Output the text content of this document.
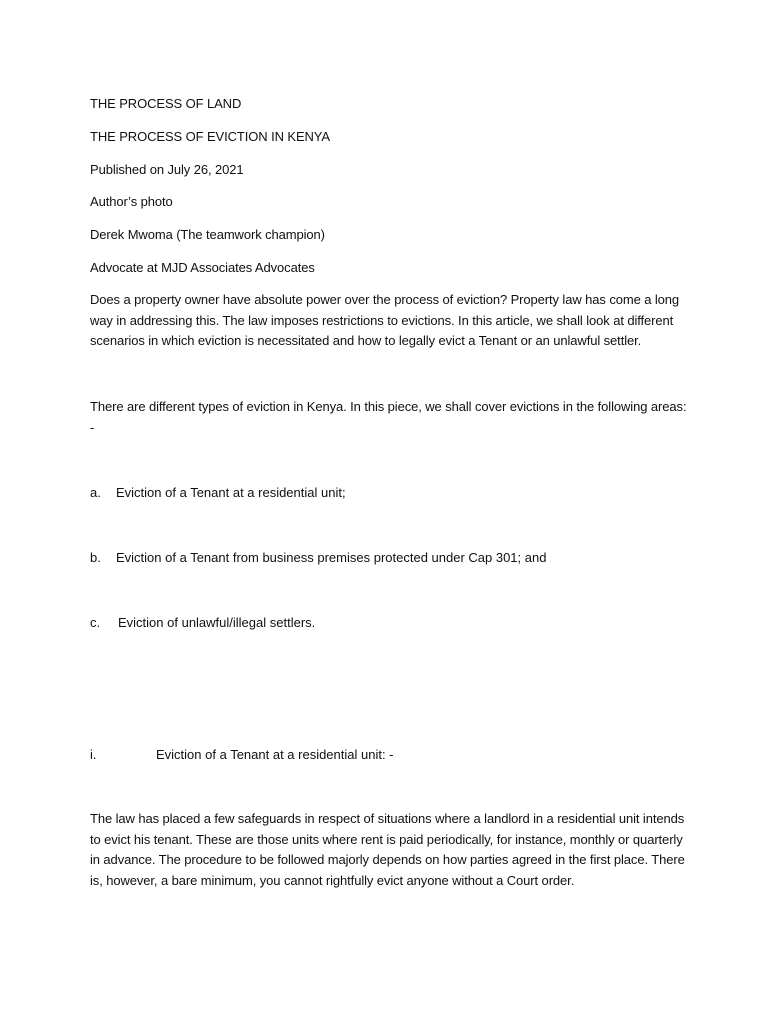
THE PROCESS OF LAND
THE PROCESS OF EVICTION IN KENYA
Published on July 26, 2021
Author’s photo
Derek Mwoma (The teamwork champion)
Advocate at MJD Associates Advocates
Does a property owner have absolute power over the process of eviction? Property law has come a long way in addressing this. The law imposes restrictions to evictions. In this article, we shall look at different scenarios in which eviction is necessitated and how to legally evict a Tenant or an unlawful settler.
There are different types of eviction in Kenya. In this piece, we shall cover evictions in the following areas: -
a. Eviction of a Tenant at a residential unit;
b. Eviction of a Tenant from business premises protected under Cap 301; and
c. Eviction of unlawful/illegal settlers.
i.	Eviction of a Tenant at a residential unit: -
The law has placed a few safeguards in respect of situations where a landlord in a residential unit intends to evict his tenant. These are those units where rent is paid periodically, for instance, monthly or quarterly in advance. The procedure to be followed majorly depends on how parties agreed in the first place. There is, however, a bare minimum, you cannot rightfully evict anyone without a Court order.
